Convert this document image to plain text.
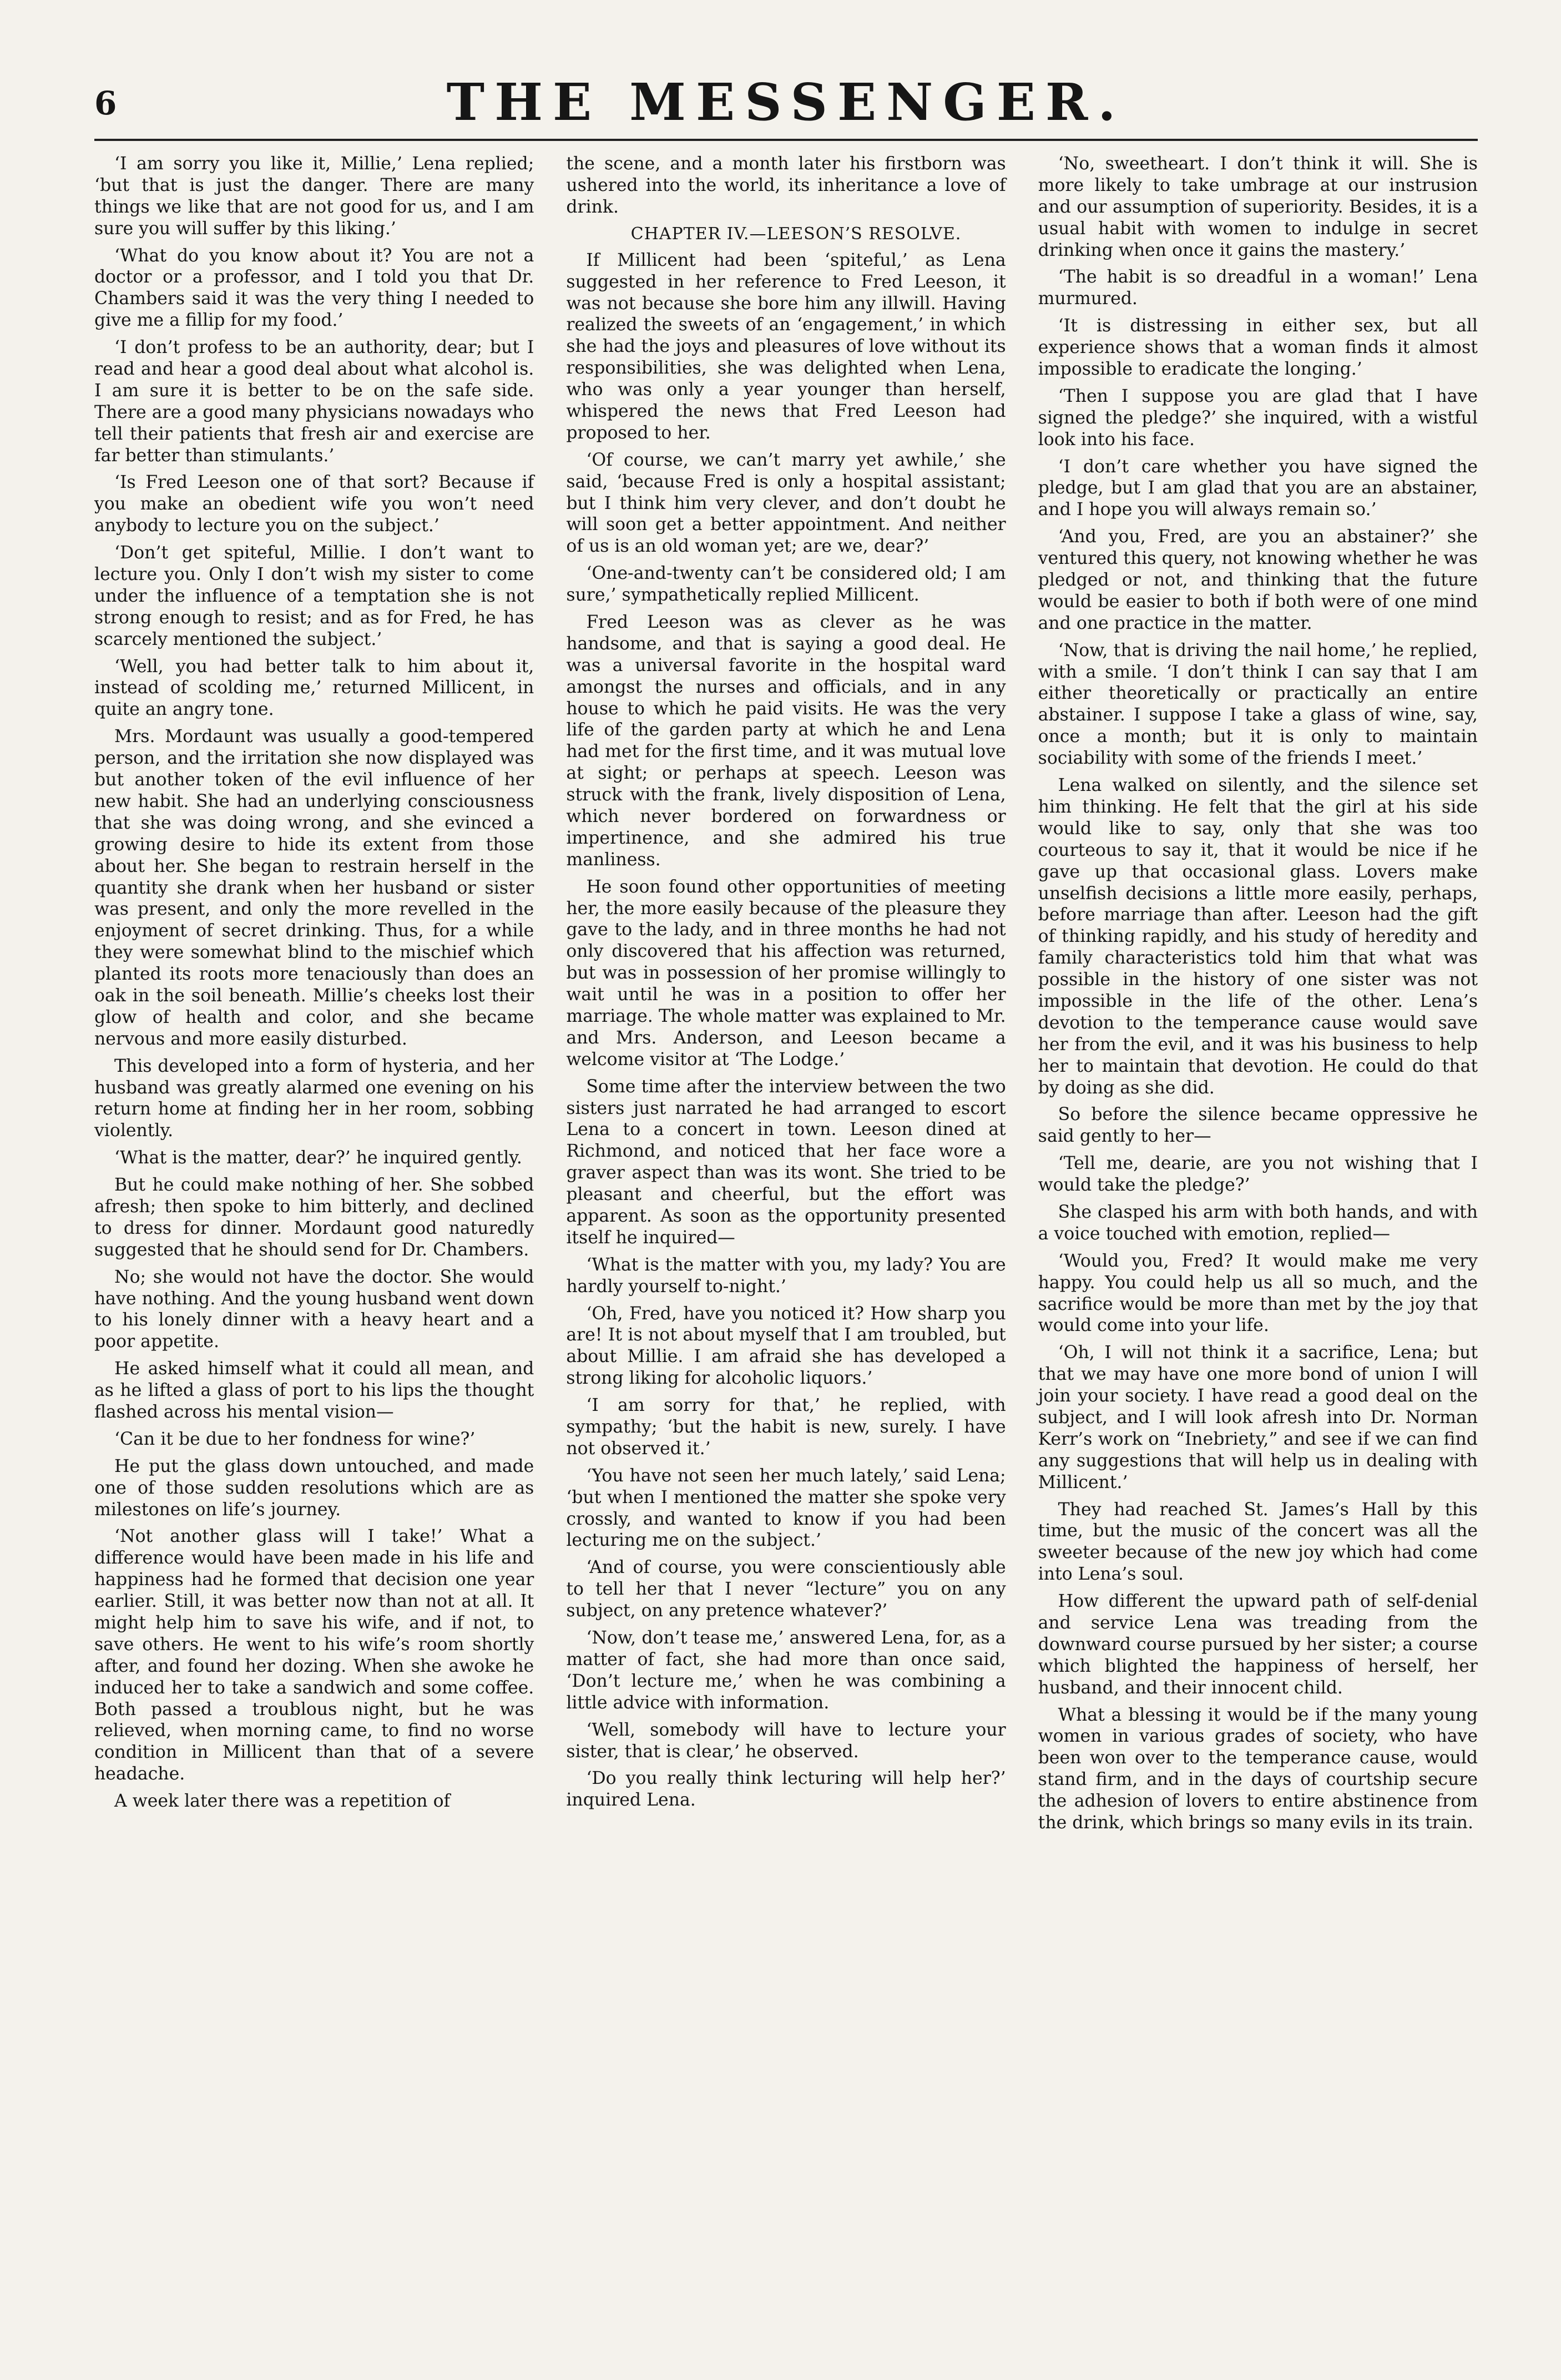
6	THE MESSENGER.

‘I am sorry you like it, Millie,’ Lena replied; ‘but that is just the danger. There are many things we like that are not good for us, and I am sure you will suffer by this liking.’

‘What do you know about it? You are not a doctor or a professor, and I told you that Dr. Chambers said it was the very thing I needed to give me a fillip for my food.’

‘I don’t profess to be an authority, dear; but I read and hear a good deal about what alcohol is. I am sure it is better to be on the safe side. There are a good many physicians nowadays who tell their patients that fresh air and exercise are far better than stimulants.’

‘Is Fred Leeson one of that sort? Because if you make an obedient wife you won’t need anybody to lecture you on the subject.’

‘Don’t get spiteful, Millie. I don’t want to lecture you. Only I don’t wish my sister to come under the influence of a temptation she is not strong enough to resist; and as for Fred, he has scarcely mentioned the subject.’

‘Well, you had better talk to him about it, instead of scolding me,’ returned Millicent, in quite an angry tone.

Mrs. Mordaunt was usually a good-tempered person, and the irritation she now displayed was but another token of the evil influence of her new habit. She had an underlying consciousness that she was doing wrong, and she evinced a growing desire to hide its extent from those about her. She began to restrain herself in the quantity she drank when her husband or sister was present, and only the more revelled in the enjoyment of secret drinking. Thus, for a while they were somewhat blind to the mischief which planted its roots more tenaciously than does an oak in the soil beneath. Millie’s cheeks lost their glow of health and color, and she became nervous and more easily disturbed.

This developed into a form of hysteria, and her husband was greatly alarmed one evening on his return home at finding her in her room, sobbing violently.

‘What is the matter, dear?’ he inquired gently.

But he could make nothing of her. She sobbed afresh; then spoke to him bitterly, and declined to dress for dinner. Mordaunt good naturedly suggested that he should send for Dr. Chambers.

No; she would not have the doctor. She would have nothing. And the young husband went down to his lonely dinner with a heavy heart and a poor appetite.

He asked himself what it could all mean, and as he lifted a glass of port to his lips the thought flashed across his mental vision—

‘Can it be due to her fondness for wine?’

He put the glass down untouched, and made one of those sudden resolutions which are as milestones on life’s journey.

‘Not another glass will I take!’ What a difference would have been made in his life and happiness had he formed that decision one year earlier. Still, it was better now than not at all. It might help him to save his wife, and if not, to save others. He went to his wife’s room shortly after, and found her dozing. When she awoke he induced her to take a sandwich and some coffee. Both passed a troublous night, but he was relieved, when morning came, to find no worse condition in Millicent than that of a severe headache.

A week later there was a repetition of

the scene, and a month later his firstborn was ushered into the world, its inheritance a love of drink.

CHAPTER IV.—LEESON’S RESOLVE.

If Millicent had been ‘spiteful,’ as Lena suggested in her reference to Fred Leeson, it was not because she bore him any illwill. Having realized the sweets of an ‘engagement,’ in which she had the joys and pleasures of love without its responsibilities, she was delighted when Lena, who was only a year younger than herself, whispered the news that Fred Leeson had proposed to her.

‘Of course, we can’t marry yet awhile,’ she said, ‘because Fred is only a hospital assistant; but I think him very clever, and don’t doubt he will soon get a better appointment. And neither of us is an old woman yet; are we, dear?’

‘One-and-twenty can’t be considered old; I am sure,’ sympathetically replied Millicent.

Fred Leeson was as clever as he was handsome, and that is saying a good deal. He was a universal favorite in the hospital ward amongst the nurses and officials, and in any house to which he paid visits. He was the very life of the garden party at which he and Lena had met for the first time, and it was mutual love at sight; or perhaps at speech. Leeson was struck with the frank, lively disposition of Lena, which never bordered on forwardness or impertinence, and she admired his true manliness.

He soon found other opportunities of meeting her, the more easily because of the pleasure they gave to the lady, and in three months he had not only discovered that his affection was returned, but was in possession of her promise willingly to wait until he was in a position to offer her marriage. The whole matter was explained to Mr. and Mrs. Anderson, and Leeson became a welcome visitor at ‘The Lodge.’

Some time after the interview between the two sisters just narrated he had arranged to escort Lena to a concert in town. Leeson dined at Richmond, and noticed that her face wore a graver aspect than was its wont. She tried to be pleasant and cheerful, but the effort was apparent. As soon as the opportunity presented itself he inquired—

‘What is the matter with you, my lady? You are hardly yourself to-night.’

‘Oh, Fred, have you noticed it? How sharp you are! It is not about myself that I am troubled, but about Millie. I am afraid she has developed a strong liking for alcoholic liquors.’

‘I am sorry for that,’ he replied, with sympathy; ‘but the habit is new, surely. I have not observed it.’

‘You have not seen her much lately,’ said Lena; ‘but when I mentioned the matter she spoke very crossly, and wanted to know if you had been lecturing me on the subject.’

‘And of course, you were conscientiously able to tell her that I never “lecture” you on any subject, on any pretence whatever?’

‘Now, don’t tease me,’ answered Lena, for, as a matter of fact, she had more than once said, ‘Don’t lecture me,’ when he was combining a little advice with information.

‘Well, somebody will have to lecture your sister, that is clear,’ he observed.

‘Do you really think lecturing will help her?’ inquired Lena.

‘No, sweetheart. I don’t think it will. She is more likely to take umbrage at our instrusion and our assumption of superiority. Besides, it is a usual habit with women to indulge in secret drinking when once it gains the mastery.’

‘The habit is so dreadful in a woman!’ Lena murmured.

‘It is distressing in either sex, but all experience shows that a woman finds it almost impossible to eradicate the longing.’

‘Then I suppose you are glad that I have signed the pledge?’ she inquired, with a wistful look into his face.

‘I don’t care whether you have signed the pledge, but I am glad that you are an abstainer, and I hope you will always remain so.’

‘And you, Fred, are you an abstainer?’ she ventured this query, not knowing whether he was pledged or not, and thinking that the future would be easier to both if both were of one mind and one practice in the matter.

‘Now, that is driving the nail home,’ he replied, with a smile. ‘I don’t think I can say that I am either theoretically or practically an entire abstainer. I suppose I take a glass of wine, say, once a month; but it is only to maintain sociability with some of the friends I meet.’

Lena walked on silently, and the silence set him thinking. He felt that the girl at his side would like to say, only that she was too courteous to say it, that it would be nice if he gave up that occasional glass. Lovers make unselfish decisions a little more easily, perhaps, before marriage than after. Leeson had the gift of thinking rapidly, and his study of heredity and family characteristics told him that what was possible in the history of one sister was not impossible in the life of the other. Lena’s devotion to the temperance cause would save her from the evil, and it was his business to help her to maintain that devotion. He could do that by doing as she did.

So before the silence became oppressive he said gently to her—

‘Tell me, dearie, are you not wishing that I would take the pledge?’

She clasped his arm with both hands, and with a voice touched with emotion, replied—

‘Would you, Fred? It would make me very happy. You could help us all so much, and the sacrifice would be more than met by the joy that would come into your life.

‘Oh, I will not think it a sacrifice, Lena; but that we may have one more bond of union I will join your society. I have read a good deal on the subject, and I will look afresh into Dr. Norman Kerr’s work on “Inebriety,” and see if we can find any suggestions that will help us in dealing with Millicent.’

They had reached St. James’s Hall by this time, but the music of the concert was all the sweeter because of the new joy which had come into Lena’s soul.

How different the upward path of self-denial and service Lena was treading from the downward course pursued by her sister; a course which blighted the happiness of herself, her husband, and their innocent child.

What a blessing it would be if the many young women in various grades of society, who have been won over to the temperance cause, would stand firm, and in the days of courtship secure the adhesion of lovers to entire abstinence from the drink, which brings so many evils in its train.
